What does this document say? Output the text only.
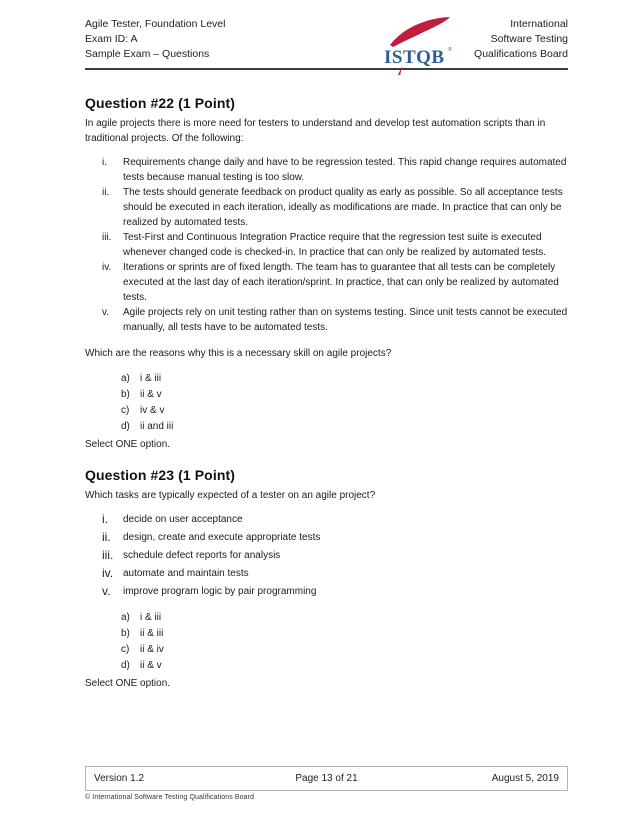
Agile Tester, Foundation Level
Exam ID: A
Sample Exam – Questions	ISTQB ®
International
Software Testing
Qualifications Board
Question #22 (1 Point)

In agile projects there is more need for testers to understand and develop test automation scripts than in traditional projects. Of the following:

i.	Requirements change daily and have to be regression tested. This rapid change requires automated tests because manual testing is too slow.
ii.	The tests should generate feedback on product quality as early as possible. So all acceptance tests should be executed in each iteration, ideally as modifications are made. In practice that can only be realized by automated tests.
iii.	Test-First and Continuous Integration Practice require that the regression test suite is executed whenever changed code is checked-in. In practice that can only be realized by automated tests.
iv.	Iterations or sprints are of fixed length. The team has to guarantee that all tests can be completely executed at the last day of each iteration/sprint. In practice, that can only be realized by automated tests.
v.	Agile projects rely on unit testing rather than on systems testing. Since unit tests cannot be executed manually, all tests have to be automated tests.

Which are the reasons why this is a necessary skill on agile projects?

a)	i & iii
b)	ii & v
c)	iv & v
d)	ii and iii

Select ONE option.

Question #23 (1 Point)

Which tasks are typically expected of a tester on an agile project?

i.	decide on user acceptance
ii.	design, create and execute appropriate tests
iii. schedule defect reports for analysis
iv. automate and maintain tests
v.	improve program logic by pair programming
a)	i & iii
b)	ii & iii
c)	ii & iv
d)	ii & v

Select ONE option.

Version 1.2	Page 13 of 21	August 5, 2019
© International Software Testing Qualifications Board
